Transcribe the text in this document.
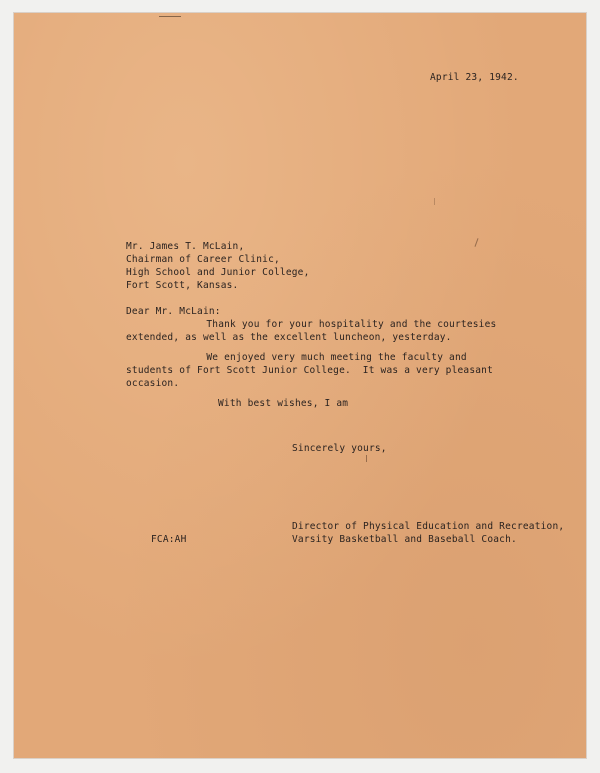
April 23, 1942.
Mr. James T. McLain,
Chairman of Career Clinic,
High School and Junior College,
Fort Scott, Kansas.
Dear Mr. McLain:
Thank you for your hospitality and the courtesies
extended, as well as the excellent luncheon, yesterday.
We enjoyed very much meeting the faculty and
students of Fort Scott Junior College.  It was a very pleasant
occasion.
With best wishes, I am
Sincerely yours,
FCA:AH
Director of Physical Education and Recreation,
Varsity Basketball and Baseball Coach.
